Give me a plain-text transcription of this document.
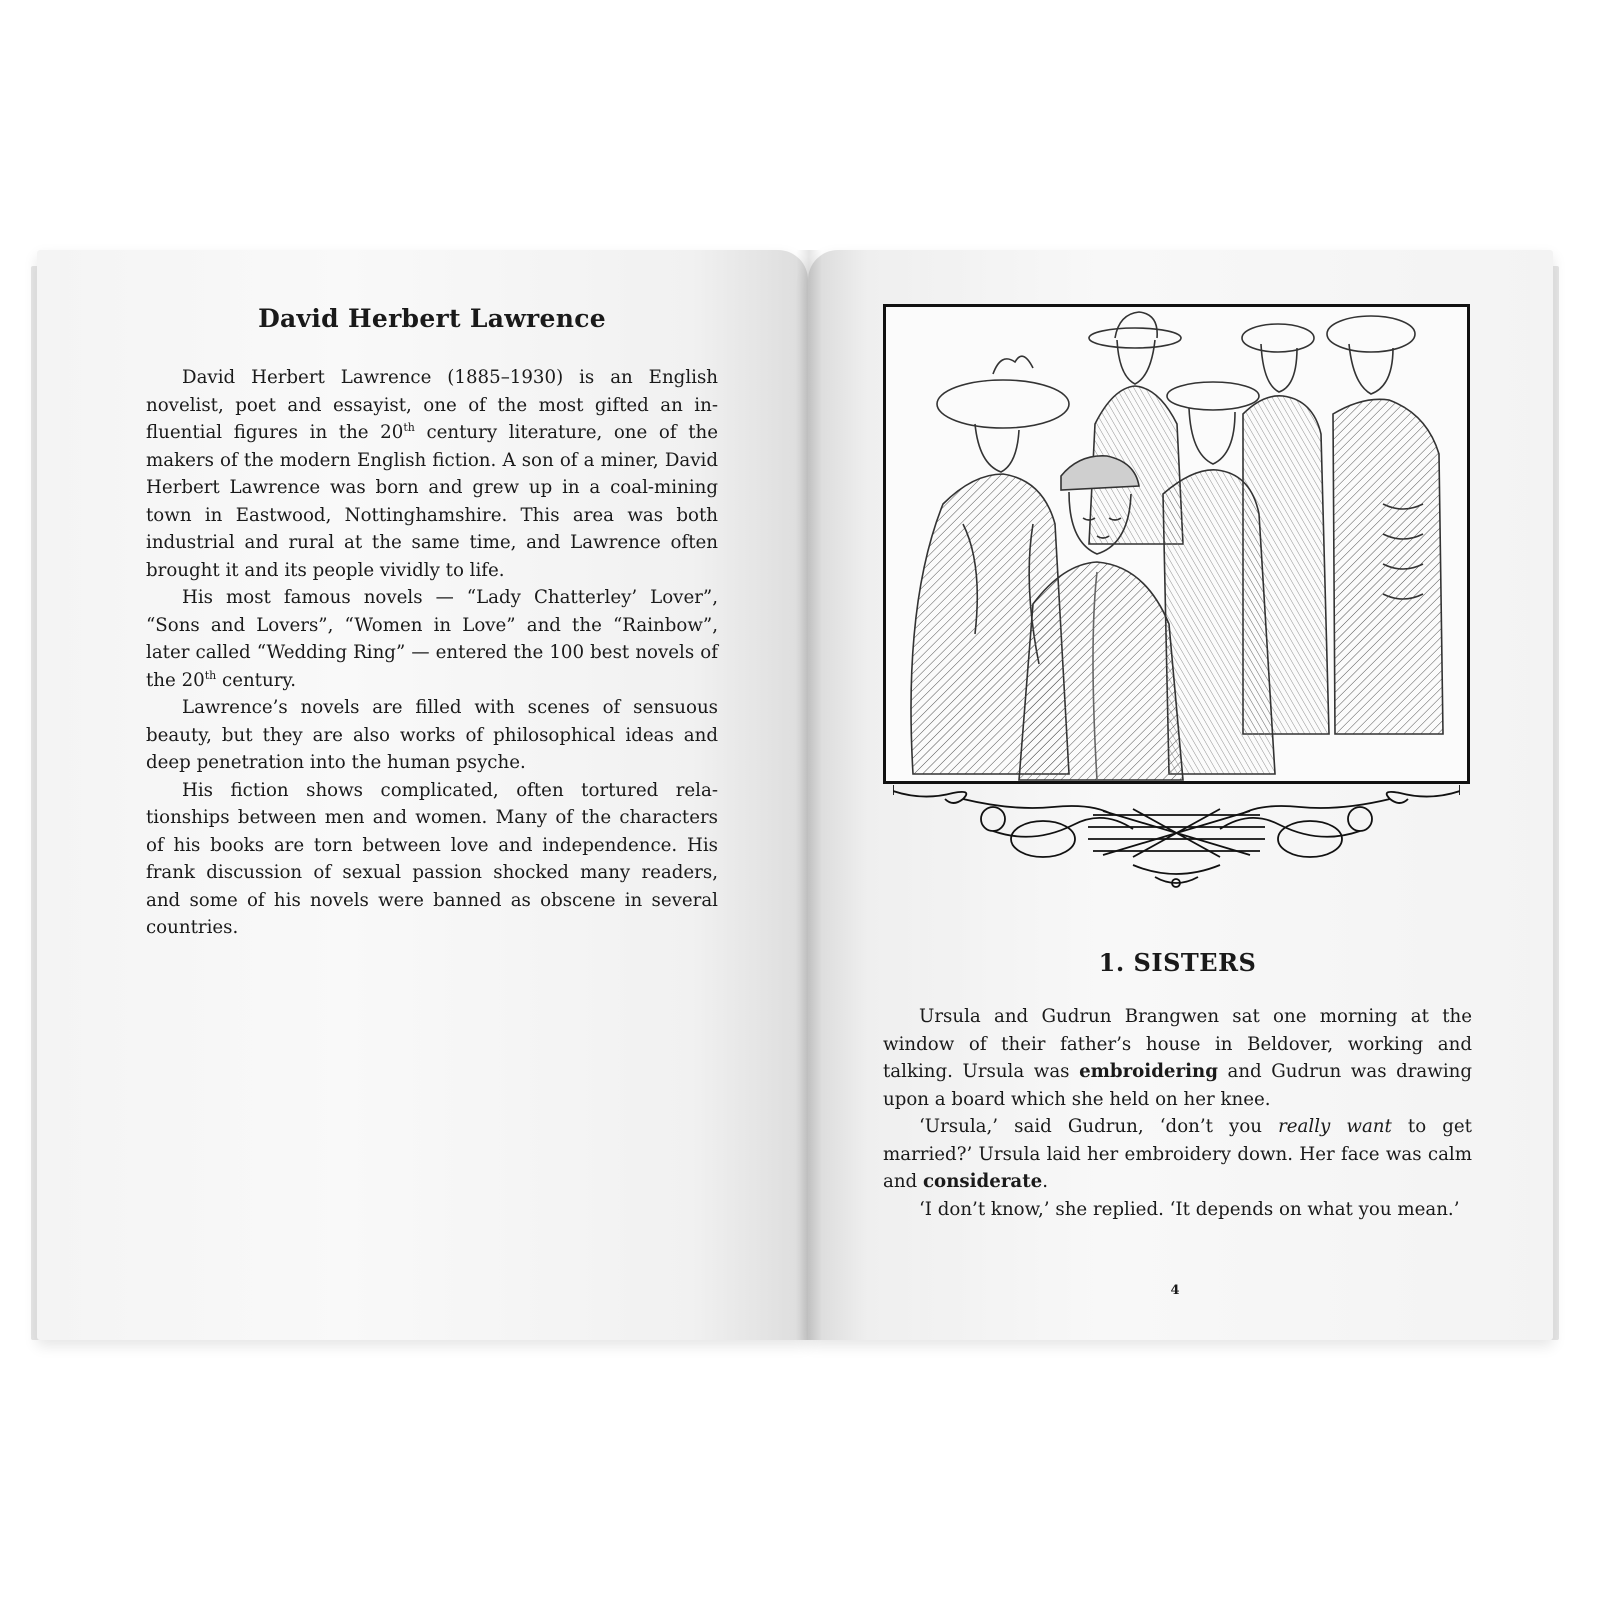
David Herbert Lawrence

David Herbert Lawrence (1885–1930) is an English novelist, poet and essayist, one of the most gifted an influential figures in the 20th century literature, one of the makers of the modern English fiction. A son of a miner, David Herbert Lawrence was born and grew up in a coal-mining town in Eastwood, Nottinghamshire. This area was both industrial and rural at the same time, and Lawrence often brought it and its people vividly to life.

His most famous novels — “Lady Chatterley’ Lover”, “Sons and Lovers”, “Women in Love” and the “Rainbow”, later called “Wedding Ring” — entered the 100 best novels of the 20th century.

Lawrence’s novels are filled with scenes of sensuous beauty, but they are also works of philosophical ideas and deep penetration into the human psyche.

His fiction shows complicated, often tortured relationships between men and women. Many of the characters of his books are torn between love and independence. His frank discussion of sexual passion shocked many readers, and some of his novels were banned as obscene in several countries.

1. SISTERS

Ursula and Gudrun Brangwen sat one morning at the window of their father’s house in Beldover, working and talking. Ursula was embroidering and Gudrun was drawing upon a board which she held on her knee.

‘Ursula,’ said Gudrun, ‘don’t you really want to get married?’ Ursula laid her embroidery down. Her face was calm and considerate.

‘I don’t know,’ she replied. ‘It depends on what you mean.’

4
